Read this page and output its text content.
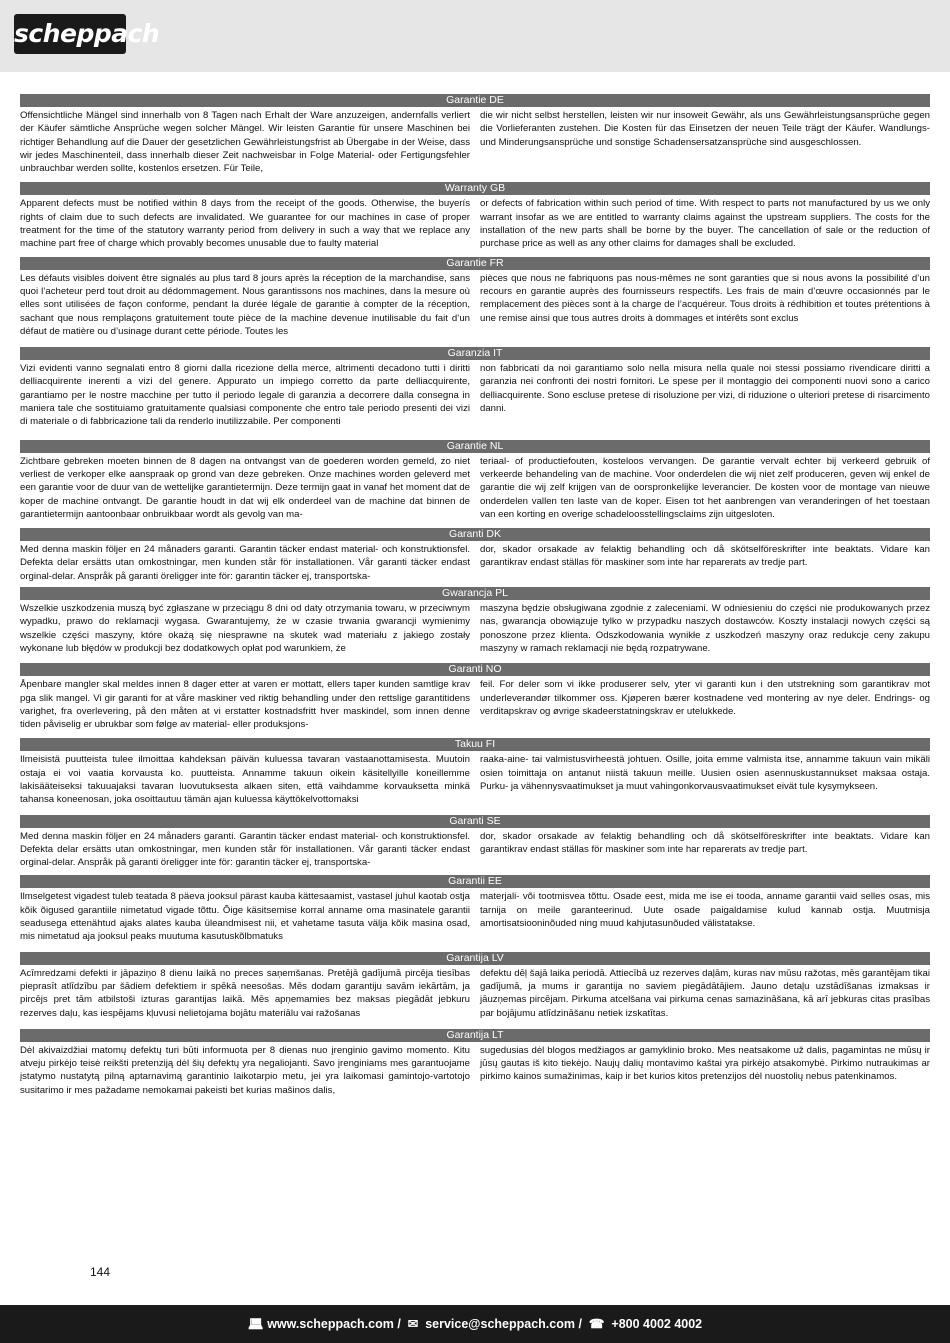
scheppach
Garantie DE
Offensichtliche Mängel sind innerhalb von 8 Tagen nach Erhalt der Ware anzuzeigen, andernfalls verliert der Käufer sämtliche Ansprüche wegen solcher Mängel. Wir leisten Garantie für unsere Maschinen bei richtiger Behandlung auf die Dauer der gesetzlichen Gewährleistungsfrist ab Übergabe in der Weise, dass wir jedes Maschinenteil, dass innerhalb dieser Zeit nachweisbar in Folge Material- oder Fertigungsfehler unbrauchbar werden sollte, kostenlos ersetzen. Für Teile,
die wir nicht selbst herstellen, leisten wir nur insoweit Gewähr, als uns Gewährleistungsansprüche gegen die Vorlieferanten zustehen. Die Kosten für das Einsetzen der neuen Teile trägt der Käufer. Wandlungs- und Minderungsansprüche und sonstige Schadensersatzansprüche sind ausgeschlossen.
Warranty GB
Apparent defects must be notified within 8 days from the receipt of the goods. Otherwise, the buyerís rights of claim due to such defects are invalidated. We guarantee for our machines in case of proper treatment for the time of the statutory warranty period from delivery in such a way that we replace any machine part free of charge which provably becomes unusable due to faulty material
or defects of fabrication within such period of time. With respect to parts not manufactured by us we only warrant insofar as we are entitled to warranty claims against the upstream suppliers. The costs for the installation of the new parts shall be borne by the buyer. The cancellation of sale or the reduction of purchase price as well as any other claims for damages shall be excluded.
Garantie FR
Les défauts visibles doivent être signalés au plus tard 8 jours après la réception de la marchandise, sans quoi l’acheteur perd tout droit au dédommagement. Nous garantissons nos machines, dans la mesure où elles sont utilisées de façon conforme, pendant la durée légale de garantie à compter de la réception, sachant que nous remplaçons gratuitement toute pièce de la machine devenue inutilisable du fait d’un défaut de matière ou d’usinage durant cette période. Toutes les
pièces que nous ne fabriquons pas nous-mêmes ne sont garanties que si nous avons la possibilité d’un recours en garantie auprès des fournisseurs respectifs. Les frais de main d’œuvre occasionnés par le remplacement des pièces sont à la charge de l’acquéreur. Tous droits à rédhibition et toutes prétentions à une remise ainsi que tous autres droits à dommages et intérêts sont exclus
Garanzia IT
Vizi evidenti vanno segnalati entro 8 giorni dalla ricezione della merce, altrimenti decadono tutti i diritti delliacquirente inerenti a vizi del genere. Appurato un impiego corretto da parte delliacquirente, garantiamo per le nostre macchine per tutto il periodo legale di garanzia a decorrere dalla consegna in maniera tale che sostituiamo gratuitamente qualsiasi componente che entro tale periodo presenti dei vizi di materiale o di fabbricazione tali da renderlo inutilizzabile. Per componenti
non fabbricati da noi garantiamo solo nella misura nella quale noi stessi possiamo rivendicare diritti a garanzia nei confronti dei nostri fornitori. Le spese per il montaggio dei componenti nuovi sono a carico delliacquirente. Sono escluse pretese di risoluzione per vizi, di riduzione o ulteriori pretese di risarcimento danni.
Garantie NL
Zichtbare gebreken moeten binnen de 8 dagen na ontvangst van de goederen worden gemeld, zo niet verliest de verkoper elke aanspraak op grond van deze gebreken. Onze machines worden geleverd met een garantie voor de duur van de wettelijke garantietermijn. Deze termijn gaat in vanaf het moment dat de koper de machine ontvangt. De garantie houdt in dat wij elk onderdeel van de machine dat binnen de garantietermijn aantoonbaar onbruikbaar wordt als gevolg van ma-
teriaal- of productiefouten, kosteloos vervangen. De garantie vervalt echter bij verkeerd gebruik of verkeerde behandeling van de machine. Voor onderdelen die wij niet zelf produceren, geven wij enkel de garantie die wij zelf krijgen van de oorspronkelijke leverancier. De kosten voor de montage van nieuwe onderdelen vallen ten laste van de koper. Eisen tot het aanbrengen van veranderingen of het toestaan van een korting en overige schadeloosstellingsclaims zijn uitgesloten.
Garanti DK
Med denna maskin följer en 24 månaders garanti. Garantin täcker endast material- och konstruktionsfel. Defekta delar ersätts utan omkostningar, men kunden står för installationen. Vår garanti täcker endast orginal-delar. Anspråk på garanti öreligger inte för: garantin täcker ej, transportska-
dor, skador orsakade av felaktig behandling och då skötselföreskrifter inte beaktats. Vidare kan garantikrav endast ställas för maskiner som inte har reparerats av tredje part.
Gwarancja PL
Wszelkie uszkodzenia muszą być zgłaszane w przeciągu 8 dni od daty otrzymania towaru, w przeciwnym wypadku, prawo do reklamacji wygasa. Gwarantujemy, że w czasie trwania gwarancji wymienimy wszelkie części maszyny, które okażą się niesprawne na skutek wad materiału z jakiego zostały wykonane lub błędów w produkcji bez dodatkowych opłat pod warunkiem, że
maszyna będzie obsługiwana zgodnie z zaleceniami. W odniesieniu do części nie produkowanych przez nas, gwarancja obowiązuje tylko w przypadku naszych dostawców. Koszty instalacji nowych części są ponoszone przez klienta. Odszkodowania wynikłe z uszkodzeń maszyny oraz redukcje ceny zakupu maszyny w ramach reklamacji nie będą rozpatrywane.
Garanti NO
Åpenbare mangler skal meldes innen 8 dager etter at varen er mottatt, ellers taper kunden samtlige krav pga slik mangel. Vi gir garanti for at våre maskiner ved riktig behandling under den rettslige garantitidens varighet, fra overlevering, på den måten at vi erstatter kostnadsfritt hver maskindel, som innen denne tiden påviselig er ubrukbar som følge av material- eller produksjons-
feil. For deler som vi ikke produserer selv, yter vi garanti kun i den utstrekning som garantikrav mot underleverandør tilkommer oss. Kjøperen bærer kostnadene ved montering av nye deler. Endrings- og verditapskrav og øvrige skadeerstatningskrav er utelukkede.
Takuu FI
Ilmeisistä puutteista tulee ilmoittaa kahdeksan päivän kuluessa tavaran vastaanottamisesta. Muutoin ostaja ei voi vaatia korvausta ko. puutteista. Annamme takuun oikein käsitellyille koneillemme lakisääteiseksi takuuajaksi tavaran luovutuksesta alkaen siten, että vaihdamme korvauksetta minkä tahansa koneenosan, joka osoittautuu tämän ajan kuluessa käyttökelvottomaksi
raaka-aine- tai valmistusvirheestä johtuen. Osille, joita emme valmista itse, annamme takuun vain mikäli osien toimittaja on antanut niistä takuun meille. Uusien osien asennuskustannukset maksaa ostaja. Purku- ja vähennysvaatimukset ja muut vahingonkorvausvaatimukset eivät tule kysymykseen.
Garanti SE
Med denna maskin följer en 24 månaders garanti. Garantin täcker endast material- och konstruktionsfel. Defekta delar ersätts utan omkostningar, men kunden står för installationen. Vår garanti täcker endast orginal-delar. Anspråk på garanti öreligger inte för: garantin täcker ej, transportska-
dor, skador orsakade av felaktig behandling och då skötselföreskrifter inte beaktats. Vidare kan garantikrav endast ställas för maskiner som inte har reparerats av tredje part.
Garantii EE
Ilmselgetest vigadest tuleb teatada 8 päeva jooksul pärast kauba kättesaamist, vastasel juhul kaotab ostja kõik õigused garantiile nimetatud vigade tõttu. Õige käsitsemise korral anname oma masinatele garantii seadusega ettenähtud ajaks alates kauba üleandmisest nii, et vahetame tasuta välja kõik masina osad, mis nimetatud aja jooksul peaks muutuma kasutuskõlbmatuks
materjali- või tootmisvea tõttu. Osade eest, mida me ise ei tooda, anname garantii vaid selles osas, mis tarnija on meile garanteerinud. Uute osade paigaldamise kulud kannab ostja. Muutmisja amortisatsiooninõuded ning muud kahjutasunõuded välistatakse.
Garantija LV
Acīmredzami defekti ir jāpaziņo 8 dienu laikā no preces saņemšanas. Pretējā gadījumā pircēja tiesības pieprasīt atlīdzību par šādiem defektiem ir spēkā neesošas. Mēs dodam garantiju savām iekārtām, ja pircējs pret tām atbilstoši izturas garantijas laikā. Mēs apņemamies bez maksas piegādāt jebkuru rezerves daļu, kas iespējams kļuvusi nelietojama bojātu materiālu vai ražošanas
defektu dēļ šajā laika periodā. Attiecībā uz rezerves daļām, kuras nav mūsu ražotas, mēs garantējam tikai gadījumā, ja mums ir garantija no saviem piegādātājiem. Jauno detaļu uzstādīšanas izmaksas ir jāuzņemas pircējam. Pirkuma atcelšana vai pirkuma cenas samazināšana, kā arī jebkuras citas prasības par bojājumu atlīdzināšanu netiek izskatītas.
Garantija LT
Dėl akivaizdžiai matomų defektų turi būti informuota per 8 dienas nuo įrenginio gavimo momento. Kitu atveju pirkėjo teisė reikšti pretenziją dėl šių defektų yra negaliojanti. Savo įrenginiams mes garantuojame įstatymo nustatytą pilną aptarnavimą garantinio laikotarpio metu, jei yra laikomasi gamintojo-vartotojo susitarimo ir mes pažadame nemokamai pakeisti bet kurias mašinos dalis,
sugedusias dėl blogos medžiagos ar gamyklinio broko. Mes neatsakome už dalis, pagamintas ne mūsų ir jūsų gautas iš kito tiekėjo. Naujų dalių montavimo kaštai yra pirkėjo atsakomybė. Pirkimo nutraukimas ar pirkimo kainos sumažinimas, kaip ir bet kurios kitos pretenzijos dėl nuostolių nebus patenkinamos.
144
💻︎ www.scheppach.com /  ✉︎  service@scheppach.com /  ☎  +800 4002 4002
